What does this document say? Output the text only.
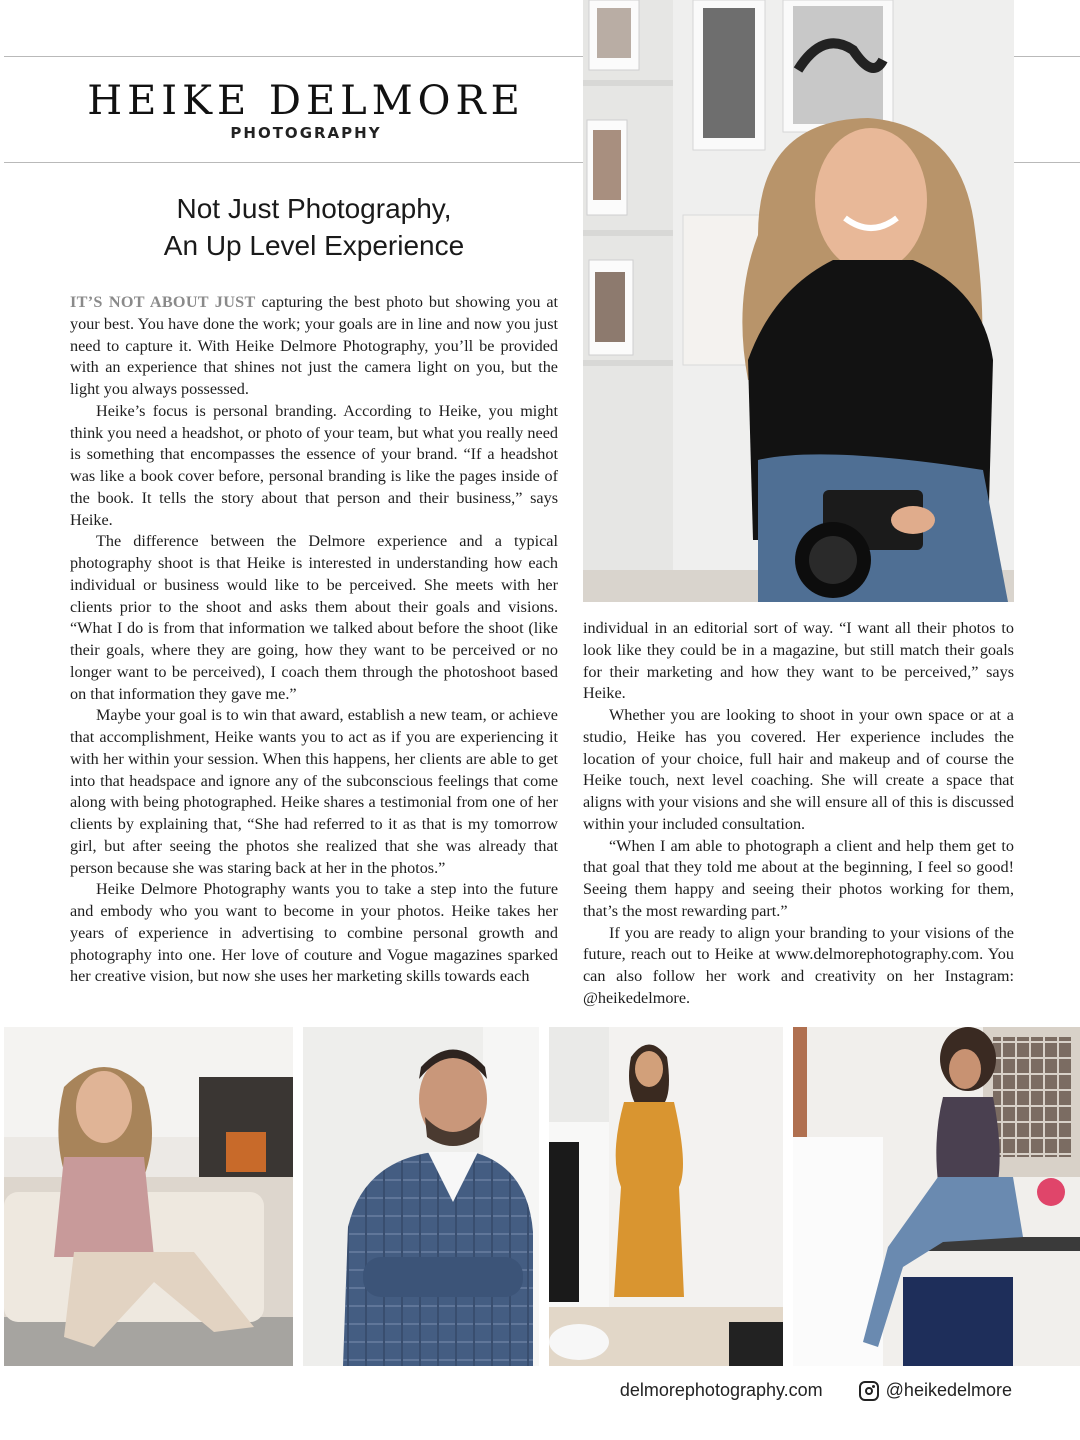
HEIKE DELMORE
PHOTOGRAPHY
Not Just Photography,
An Up Level Experience

IT’S NOT ABOUT JUST capturing the best photo but showing you at your best. You have done the work; your goals are in line and now you just need to capture it. With Heike Delmore Photography, you’ll be provided with an experience that shines not just the camera light on you, but the light you always possessed.

Heike’s focus is personal branding. According to Heike, you might think you need a headshot, or photo of your team, but what you really need is something that encompasses the essence of your brand. “If a headshot was like a book cover before, personal branding is like the pages inside of the book. It tells the story about that person and their business,” says Heike.

The difference between the Delmore experience and a typical photography shoot is that Heike is interested in understanding how each individual or business would like to be perceived. She meets with her clients prior to the shoot and asks them about their goals and visions. “What I do is from that information we talked about before the shoot (like their goals, where they are going, how they want to be perceived or no longer want to be perceived), I coach them through the photoshoot based on that information they gave me.”

Maybe your goal is to win that award, establish a new team, or achieve that accomplishment, Heike wants you to act as if you are experiencing it with her within your session. When this happens, her clients are able to get into that headspace and ignore any of the subconscious feelings that come along with being photographed. Heike shares a testimonial from one of her clients by explaining that, “She had referred to it as that is my tomorrow girl, but after seeing the photos she realized that she was already that person because she was staring back at her in the photos.”

Heike Delmore Photography wants you to take a step into the future and embody who you want to become in your photos. Heike takes her years of experience in advertising to combine personal growth and photography into one. Her love of couture and Vogue magazines sparked her creative vision, but now she uses her marketing skills towards each

individual in an editorial sort of way. “I want all their photos to look like they could be in a magazine, but still match their goals for their marketing and how they want to be perceived,” says Heike.

Whether you are looking to shoot in your own space or at a studio, Heike has you covered. Her experience includes the location of your choice, full hair and makeup and of course the Heike touch, next level coaching. She will create a space that aligns with your visions and she will ensure all of this is discussed within your included consultation.

“When I am able to photograph a client and help them get to that goal that they told me about at the beginning, I feel so good! Seeing them happy and seeing their photos working for them, that’s the most rewarding part.”

If you are ready to align your branding to your visions of the future, reach out to Heike at www.delmorephotography.com. You can also follow her work and creativity on her Instagram: @heikedelmore.

delmorephotography.com	@heikedelmore
